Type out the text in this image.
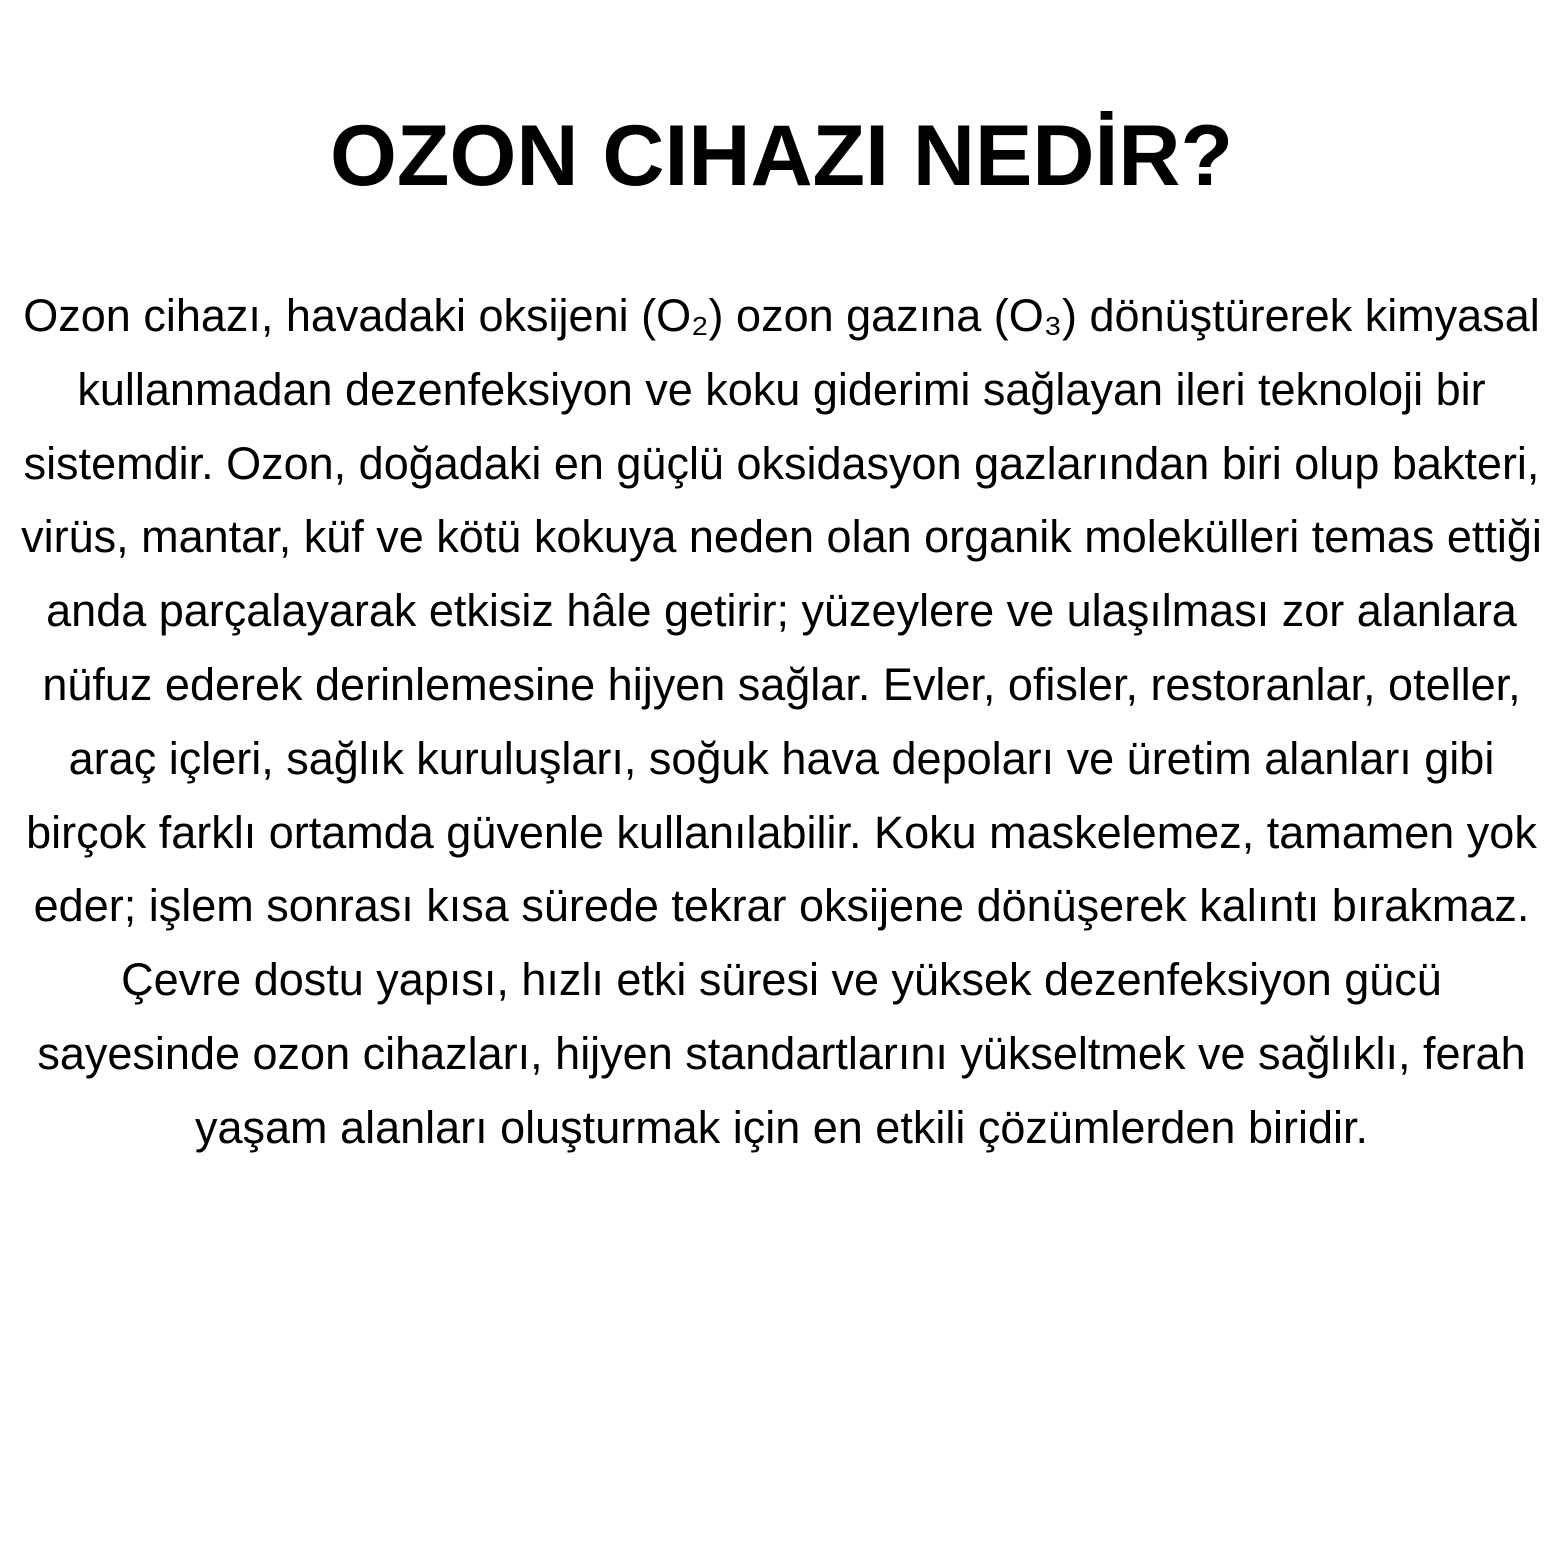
OZON CIHAZI NEDİR?

Ozon cihazı, havadaki oksijeni (O₂) ozon gazına (O₃) dönüştürerek kimyasal kullanmadan dezenfeksiyon ve koku giderimi sağlayan ileri teknoloji bir sistemdir. Ozon, doğadaki en güçlü oksidasyon gazlarından biri olup bakteri, virüs, mantar, küf ve kötü kokuya neden olan organik molekülleri temas ettiği anda parçalayarak etkisiz hâle getirir; yüzeylere ve ulaşılması zor alanlara nüfuz ederek derinlemesine hijyen sağlar. Evler, ofisler, restoranlar, oteller, araç içleri, sağlık kuruluşları, soğuk hava depoları ve üretim alanları gibi birçok farklı ortamda güvenle kullanılabilir. Koku maskelemez, tamamen yok eder; işlem sonrası kısa sürede tekrar oksijene dönüşerek kalıntı bırakmaz. Çevre dostu yapısı, hızlı etki süresi ve yüksek dezenfeksiyon gücü sayesinde ozon cihazları, hijyen standartlarını yükseltmek ve sağlıklı, ferah yaşam alanları oluşturmak için en etkili çözümlerden biridir.
